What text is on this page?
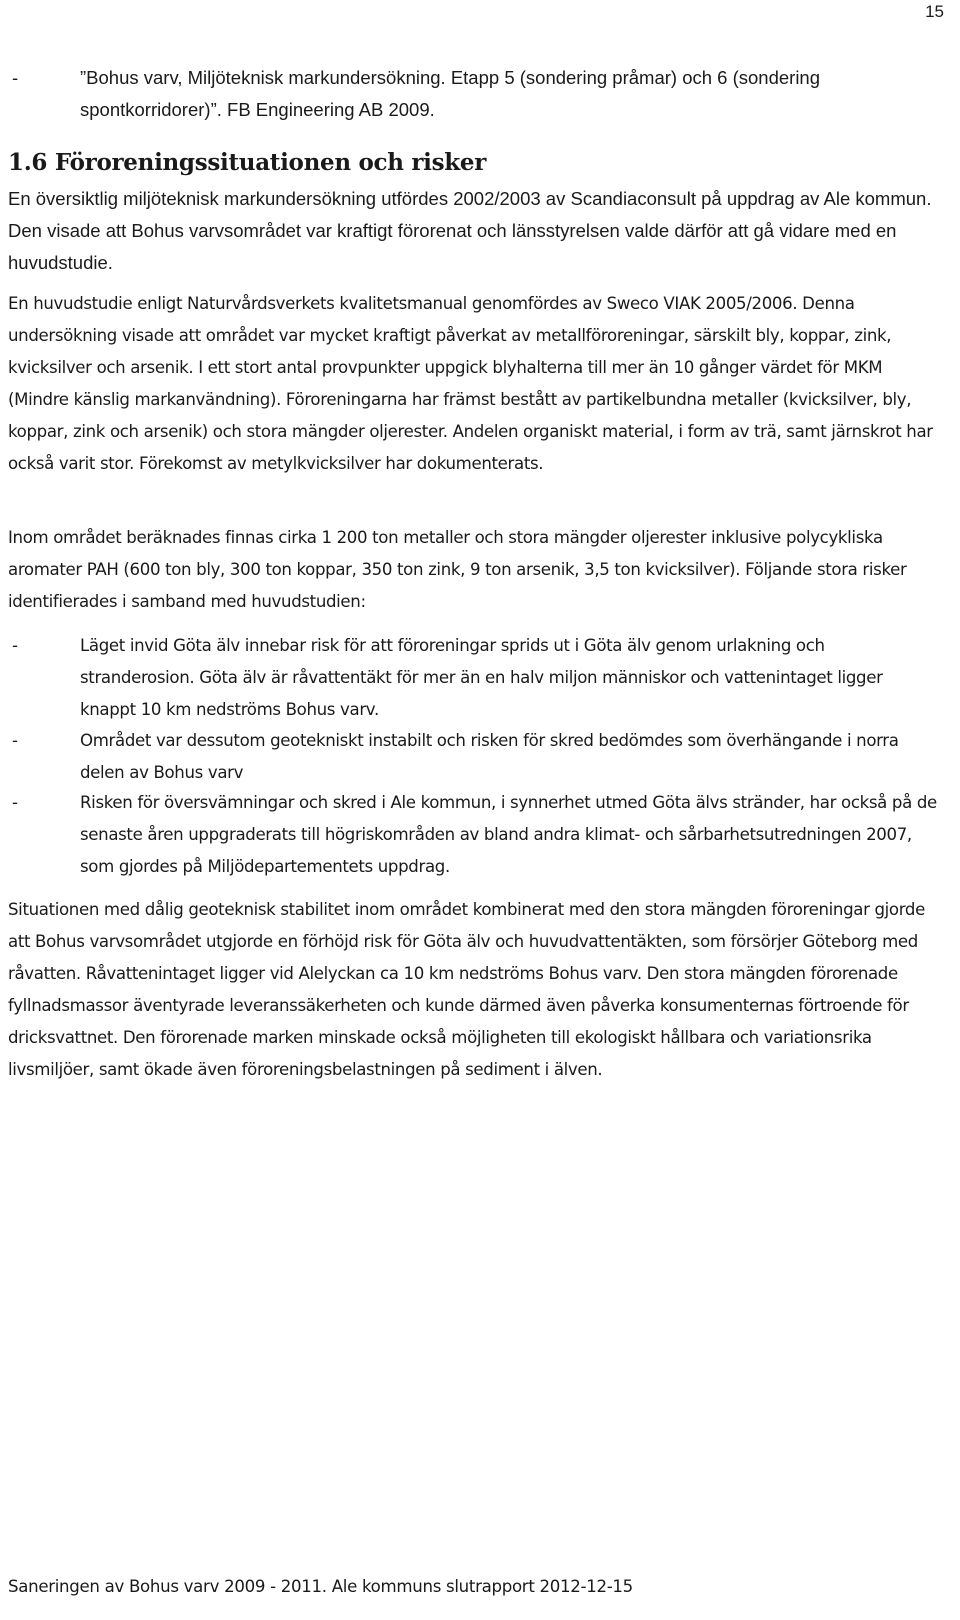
15
-	”Bohus varv, Miljöteknisk markundersökning. Etapp 5 (sondering pråmar) och 6 (sondering spontkorridorer)”. FB Engineering AB 2009.
1.6 Föroreningssituationen och risker

En översiktlig miljöteknisk markundersökning utfördes 2002/2003 av Scandiaconsult på uppdrag av Ale kommun. Den visade att Bohus varvsområdet var kraftigt förorenat och länsstyrelsen valde därför att gå vidare med en huvudstudie.

En huvudstudie enligt Naturvårdsverkets kvalitetsmanual genomfördes av Sweco VIAK 2005/2006. Denna undersökning visade att området var mycket kraftigt påverkat av metallföroreningar, särskilt bly, koppar, zink, kvicksilver och arsenik. I ett stort antal provpunkter uppgick blyhalterna till mer än 10 gånger värdet för MKM (Mindre känslig markanvändning). Föroreningarna har främst bestått av partikelbundna metaller (kvicksilver, bly, koppar, zink och arsenik) och stora mängder oljerester. Andelen organiskt material, i form av trä, samt järnskrot har också varit stor. Förekomst av metylkvicksilver har dokumenterats.

Inom området beräknades finnas cirka 1 200 ton metaller och stora mängder oljerester inklusive polycykliska aromater PAH (600 ton bly, 300 ton koppar, 350 ton zink, 9 ton arsenik, 3,5 ton kvicksilver). Följande stora risker identifierades i samband med huvudstudien:

-	Läget invid Göta älv innebar risk för att föroreningar sprids ut i Göta älv genom urlakning och stranderosion. Göta älv är råvattentäkt för mer än en halv miljon människor och vattenintaget ligger knappt 10 km nedströms Bohus varv.
-	Området var dessutom geotekniskt instabilt och risken för skred bedömdes som överhängande i norra delen av Bohus varv
-	Risken för översvämningar och skred i Ale kommun, i synnerhet utmed Göta älvs stränder, har också på de senaste åren uppgraderats till högriskområden av bland andra klimat- och sårbarhetsutredningen 2007, som gjordes på Miljödepartementets uppdrag.

Situationen med dålig geoteknisk stabilitet inom området kombinerat med den stora mängden föroreningar gjorde att Bohus varvsområdet utgjorde en förhöjd risk för Göta älv och huvudvattentäkten, som försörjer Göteborg med råvatten. Råvattenintaget ligger vid Alelyckan ca 10 km nedströms Bohus varv. Den stora mängden förorenade fyllnadsmassor äventyrade leveranssäkerheten och kunde därmed även påverka konsumenternas förtroende för dricksvattnet. Den förorenade marken minskade också möjligheten till ekologiskt hållbara och variationsrika livsmiljöer, samt ökade även föroreningsbelastningen på sediment i älven.

Saneringen av Bohus varv 2009 - 2011. Ale kommuns slutrapport 2012-12-15
